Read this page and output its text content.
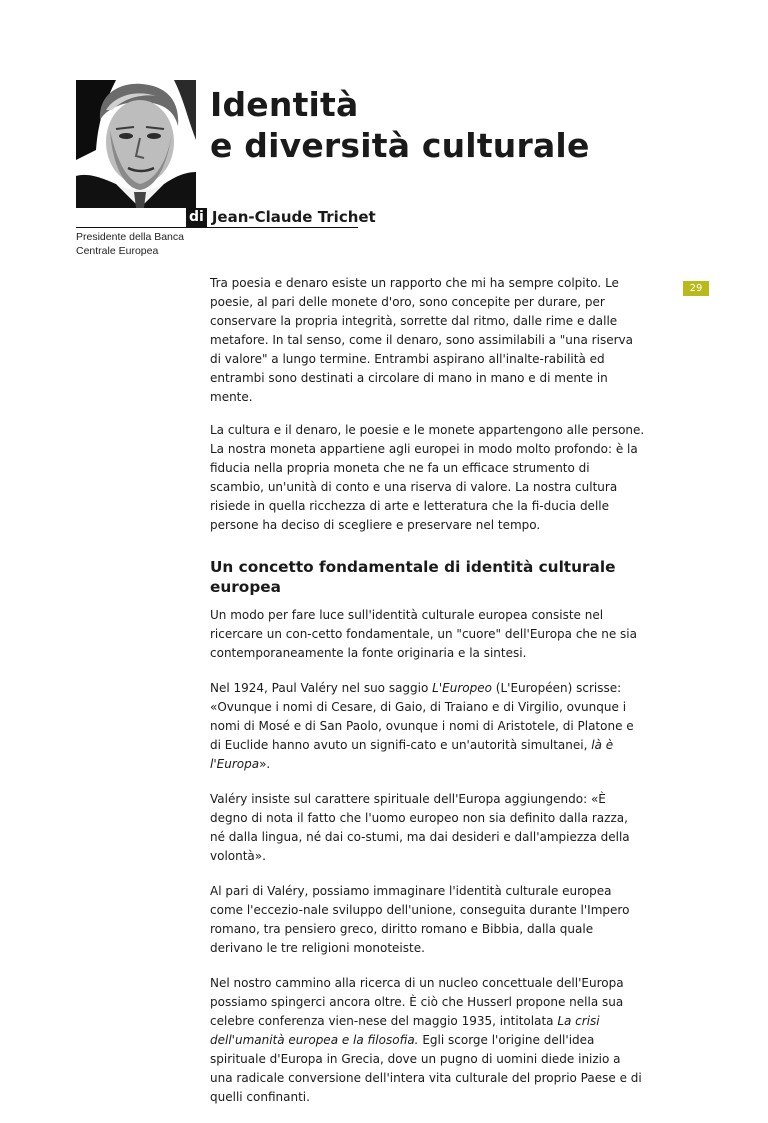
Identità
e diversità culturale
di Jean-Claude Trichet
Presidente della Banca
Centrale Europea
29

Tra poesia e denaro esiste un rapporto che mi ha sempre colpito. Le poesie, al pari delle monete d'oro, sono concepite per durare, per conservare la propria integrità, sorrette dal ritmo, dalle rime e dalle metafore. In tal senso, come il denaro, sono assimilabili a "una riserva di valore" a lungo termine. Entrambi aspirano all'inalte-rabilità ed entrambi sono destinati a circolare di mano in mano e di mente in mente.

La cultura e il denaro, le poesie e le monete appartengono alle persone. La nostra moneta appartiene agli europei in modo molto profondo: è la fiducia nella propria moneta che ne fa un efficace strumento di scambio, un'unità di conto e una riserva di valore. La nostra cultura risiede in quella ricchezza di arte e letteratura che la fi-ducia delle persone ha deciso di scegliere e preservare nel tempo.

Un concetto fondamentale di identità culturale europea

Un modo per fare luce sull'identità culturale europea consiste nel ricercare un con-cetto fondamentale, un "cuore" dell'Europa che ne sia contemporaneamente la fonte originaria e la sintesi.

Nel 1924, Paul Valéry nel suo saggio L'Europeo (L'Européen) scrisse: «Ovunque i nomi di Cesare, di Gaio, di Traiano e di Virgilio, ovunque i nomi di Mosé e di San Paolo, ovunque i nomi di Aristotele, di Platone e di Euclide hanno avuto un signifi-cato e un'autorità simultanei, là è l'Europa».

Valéry insiste sul carattere spirituale dell'Europa aggiungendo: «È degno di nota il fatto che l'uomo europeo non sia definito dalla razza, né dalla lingua, né dai co-stumi, ma dai desideri e dall'ampiezza della volontà».

Al pari di Valéry, possiamo immaginare l'identità culturale europea come l'eccezio-nale sviluppo dell'unione, conseguita durante l'Impero romano, tra pensiero greco, diritto romano e Bibbia, dalla quale derivano le tre religioni monoteiste.

Nel nostro cammino alla ricerca di un nucleo concettuale dell'Europa possiamo spingerci ancora oltre. È ciò che Husserl propone nella sua celebre conferenza vien-nese del maggio 1935, intitolata La crisi dell'umanità europea e la filosofia. Egli scorge l'origine dell'idea spirituale d'Europa in Grecia, dove un pugno di uomini diede inizio a una radicale conversione dell'intera vita culturale del proprio Paese e di quelli confinanti.
